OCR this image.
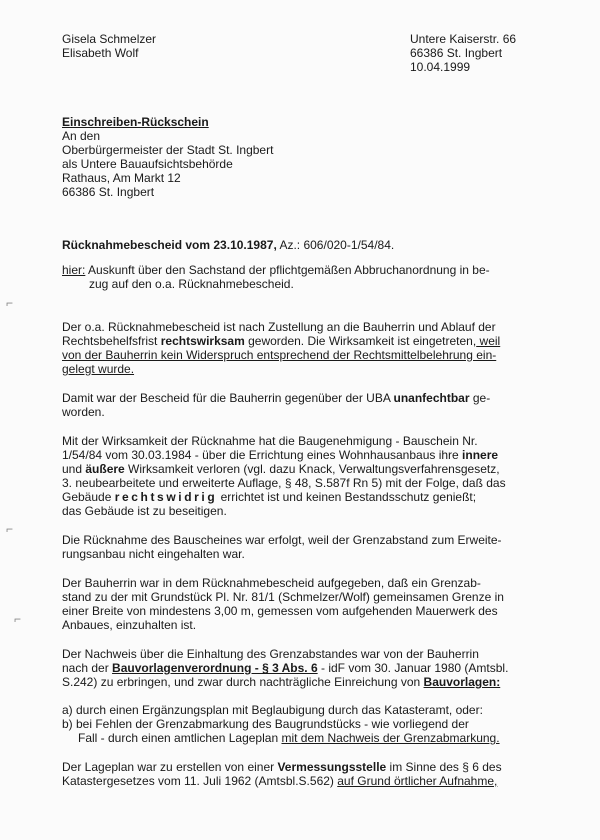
Gisela Schmelzer
Elisabeth Wolf
Untere Kaiserstr. 66
66386 St. Ingbert
10.04.1999
Einschreiben-Rückschein
An den
Oberbürgermeister der Stadt St. Ingbert
als Untere Bauaufsichtsbehörde
Rathaus, Am Markt 12
66386 St. Ingbert
Rücknahmebescheid vom 23.10.1987, Az.: 606/020-1/54/84.
hier: Auskunft über den Sachstand der pflichtgemäßen Abbruchanordnung in be-
zug auf den o.a. Rücknahmebescheid.
Der o.a. Rücknahmebescheid ist nach Zustellung an die Bauherrin und Ablauf der
Rechtsbehelfsfrist rechtswirksam geworden. Die Wirksamkeit ist eingetreten, weil
von der Bauherrin kein Widerspruch entsprechend der Rechtsmittelbelehrung ein-
gelegt wurde.
Damit war der Bescheid für die Bauherrin gegenüber der UBA unanfechtbar ge-
worden.
Mit der Wirksamkeit der Rücknahme hat die Baugenehmigung - Bauschein Nr.
1/54/84 vom 30.03.1984 - über die Errichtung eines Wohnhausanbaus ihre innere
und äußere Wirksamkeit verloren (vgl. dazu Knack, Verwaltungsverfahrensgesetz,
3. neubearbeitete und erweiterte Auflage, § 48, S.587f Rn 5) mit der Folge, daß das
Gebäude rechtswidrig errichtet ist und keinen Bestandsschutz genießt;
das Gebäude ist zu beseitigen.
Die Rücknahme des Bauscheines war erfolgt, weil der Grenzabstand zum Erweite-
rungsanbau nicht eingehalten war.
Der Bauherrin war in dem Rücknahmebescheid aufgegeben, daß ein Grenzab-
stand zu der mit Grundstück Pl. Nr. 81/1 (Schmelzer/Wolf) gemeinsamen Grenze in
einer Breite von mindestens 3,00 m, gemessen vom aufgehenden Mauerwerk des
Anbaues, einzuhalten ist.
Der Nachweis über die Einhaltung des Grenzabstandes war von der Bauherrin
nach der Bauvorlagenverordnung - § 3 Abs. 6 - idF vom 30. Januar 1980 (Amtsbl.
S.242) zu erbringen, und zwar durch nachträgliche Einreichung von Bauvorlagen:
a) durch einen Ergänzungsplan mit Beglaubigung durch das Katasteramt, oder:
b) bei Fehlen der Grenzabmarkung des Baugrundstücks - wie vorliegend der
Fall - durch einen amtlichen Lageplan mit dem Nachweis der Grenzabmarkung.
Der Lageplan war zu erstellen von einer Vermessungsstelle im Sinne des § 6 des
Katastergesetzes vom 11. Juli 1962 (Amtsbl.S.562) auf Grund örtlicher Aufnahme,
⌐
⌐
⌐
